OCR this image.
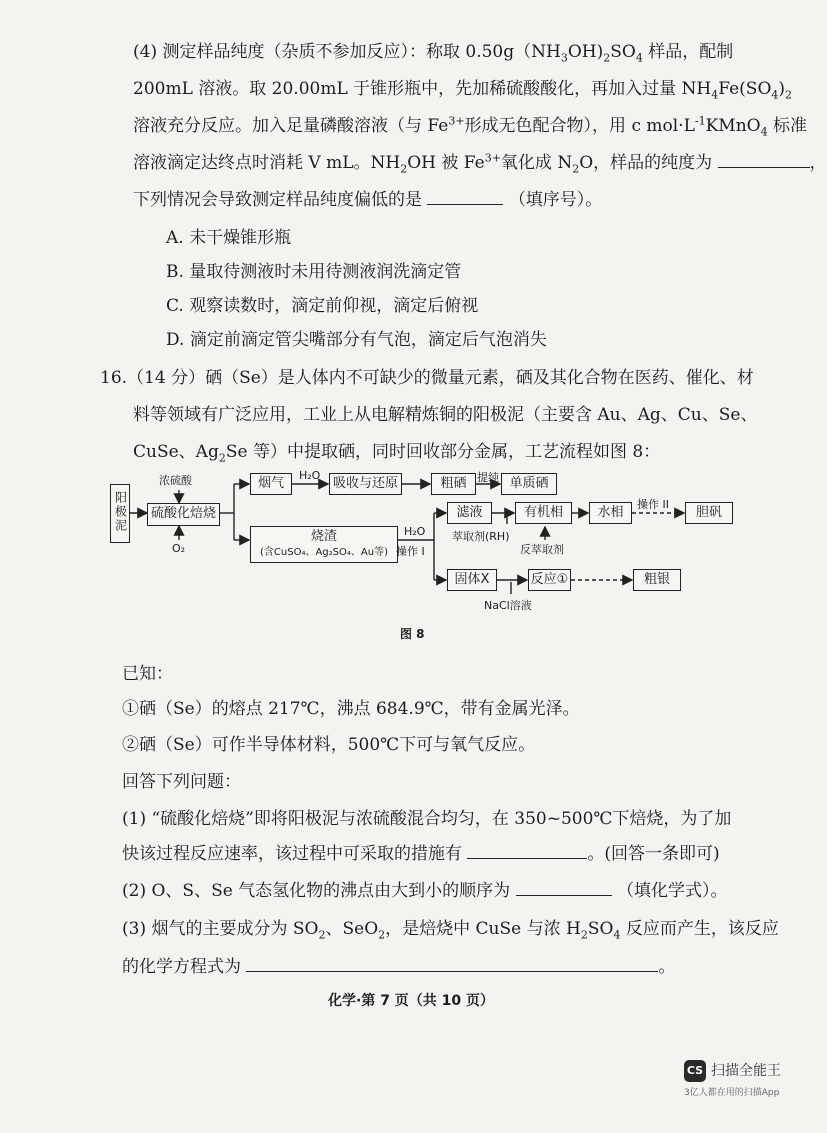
(4) 测定样品纯度（杂质不参加反应）：称取 $0.50g(NH_3OH)_2SO_4$ 样品，配制
200mL 溶液。取 20.00mL 于锥形瓶中，先加稀硫酸酸化，再加入过量 $NH_4Fe(SO_4)_2$
溶液充分反应。加入足量磷酸溶液（与 $Fe^{3+}$形成无色配合物），用 c $mol\cdot L^{-1}KMnO_4$ 标准
溶液滴定达终点时消耗 V mL。$NH_2OH$ 被 $Fe^{3+}$氧化成 $N_2O$，样品的纯度为	，
下列情况会导致测定样品纯度偏低的是	（填序号）。
A. 未干燥锥形瓶
B. 量取待测液时未用待测液润洗滴定管
C. 观察读数时，滴定前仰视，滴定后俯视
D. 滴定前滴定管尖嘴部分有气泡，滴定后气泡消失
16.（14 分）硒（Se）是人体内不可缺少的微量元素，硒及其化合物在医药、催化、材
料等领域有广泛应用，工业上从电解精炼铜的阳极泥（主要含 Au、Ag、Cu、Se、
CuSe、$Ag_2Se$ 等）中提取硒，同时回收部分金属，工艺流程如图 8：
阳极泥
浓硫酸
硫酸化焙烧
O₂
烟气
H₂O
吸收与还原	粗硒 提纯 单质硒
烧渣
(含CuSO₄、Ag₂SO₄、Au等)
H₂O
操作 I
滤液
萃取剂(RH)
有机相
反萃取剂
水相
操作 II
胆矾
固体X	反应①	粗银
NaCl溶液
图 8
已知：
①硒（Se）的熔点 217℃，沸点 684.9℃，带有金属光泽。
②硒（Se）可作半导体材料，500℃下可与氧气反应。
回答下列问题：
(1) “硫酸化焙烧”即将阳极泥与浓硫酸混合均匀，在 350~500℃下焙烧，为了加
快该过程反应速率，该过程中可采取的措施有	。(回答一条即可)
(2) O、S、Se 气态氢化物的沸点由大到小的顺序为	（填化学式）。
(3) 烟气的主要成分为 $SO_2$、SeO$_2$，是焙烧中 CuSe 与浓 $H_2SO_4$ 反应而产生，该反应
的化学方程式为	。
化学·第 7 页（共 10 页）
CS 扫描全能王
3亿人都在用的扫描App
